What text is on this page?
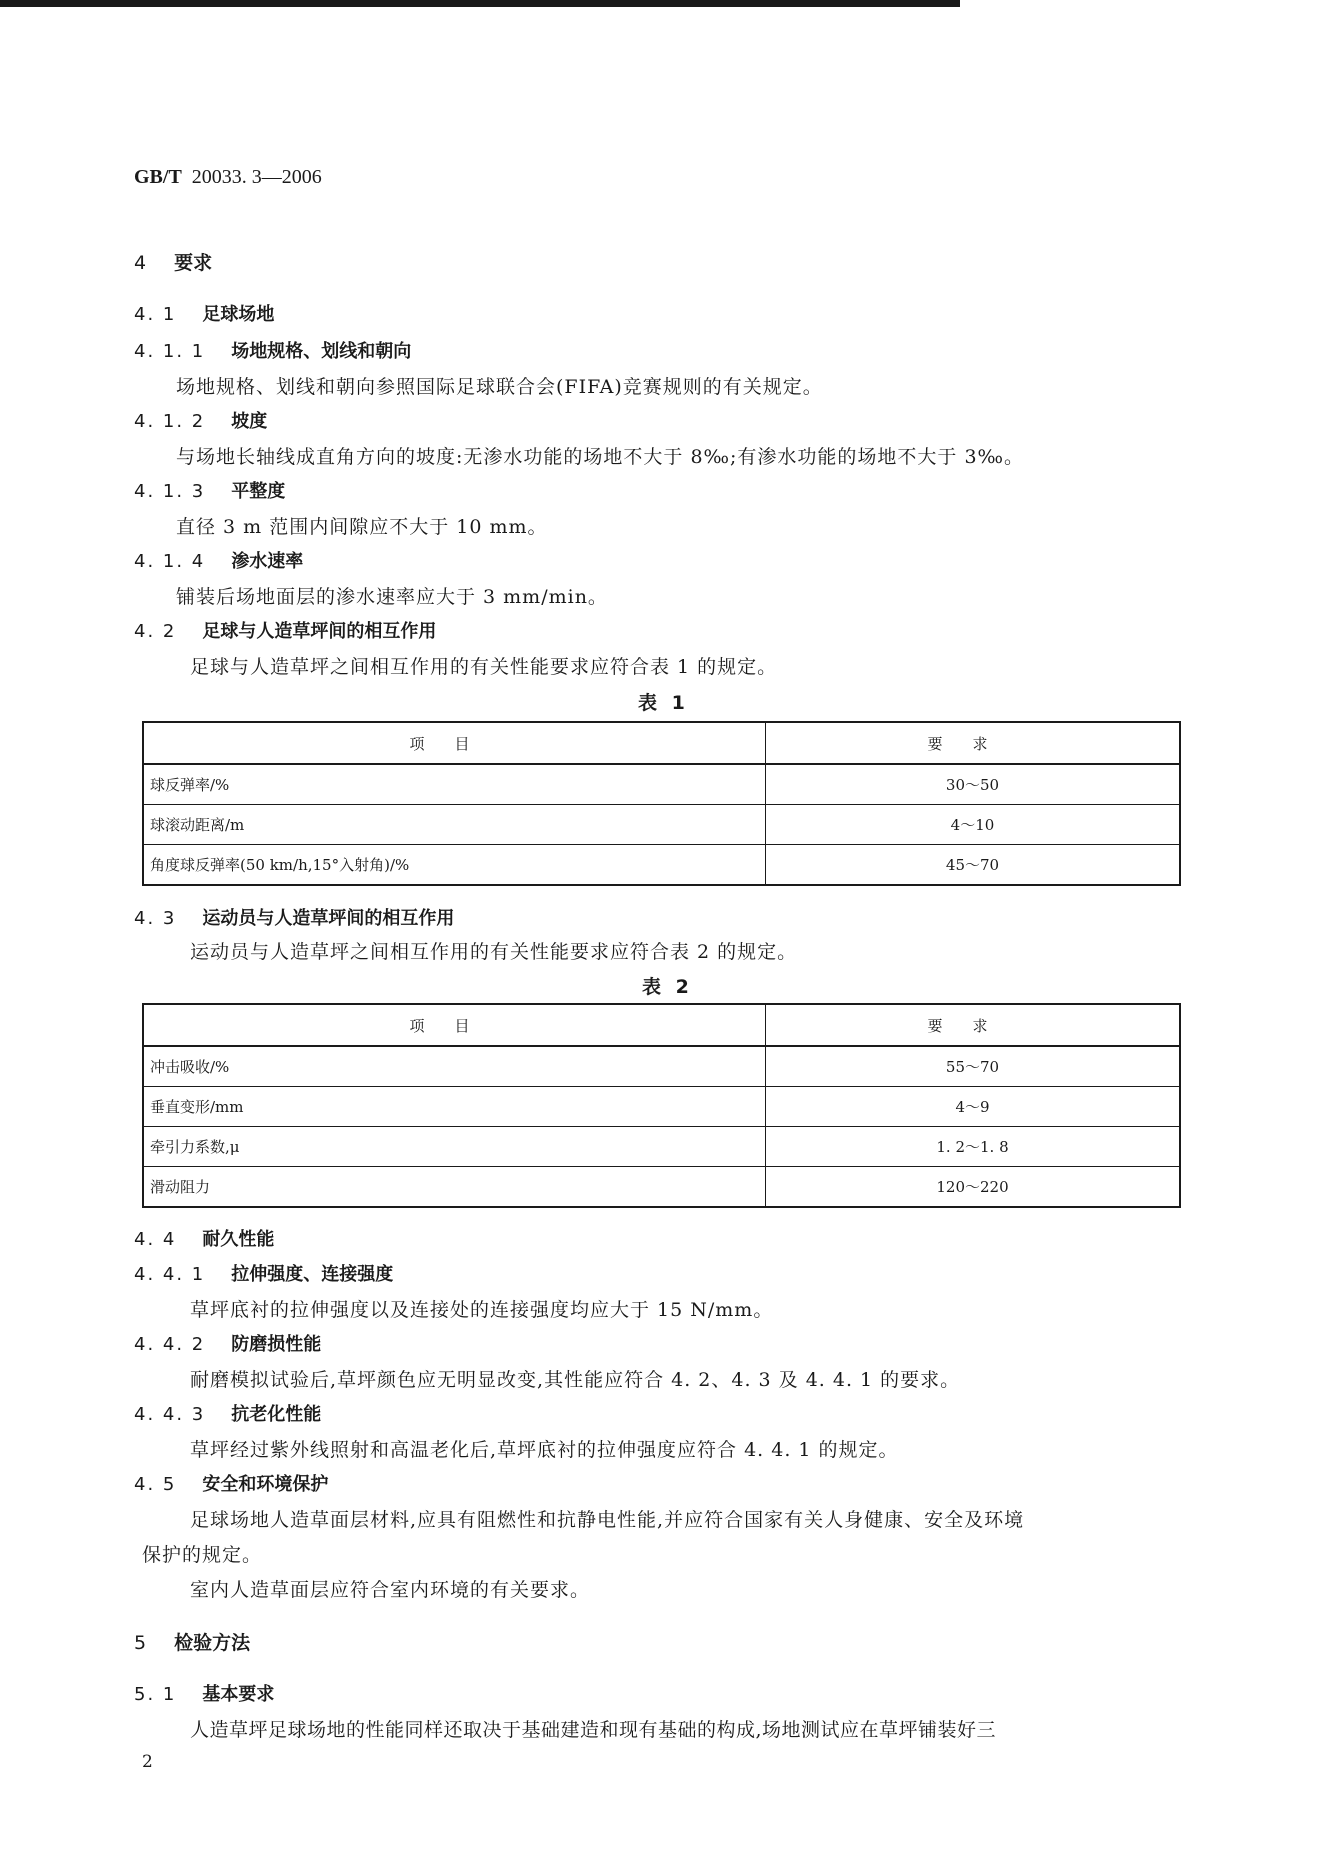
GB/T 20033. 3—2006
4 要求
4. 1 足球场地
4. 1. 1 场地规格、划线和朝向
场地规格、划线和朝向参照国际足球联合会(FIFA)竞赛规则的有关规定。
4. 1. 2 坡度
与场地长轴线成直角方向的坡度:无渗水功能的场地不大于 8‰;有渗水功能的场地不大于 3‰。
4. 1. 3 平整度
直径 3 m 范围内间隙应不大于 10 mm。
4. 1. 4 渗水速率
铺装后场地面层的渗水速率应大于 3 mm/min。
4. 2 足球与人造草坪间的相互作用
足球与人造草坪之间相互作用的有关性能要求应符合表 1 的规定。
表 1
项目	要求
球反弹率/%	30～50
球滚动距离/m	4～10
角度球反弹率(50 km/h,15°入射角)/%	45～70
4. 3 运动员与人造草坪间的相互作用
运动员与人造草坪之间相互作用的有关性能要求应符合表 2 的规定。
表 2
项目	要求
冲击吸收/%	55～70
垂直变形/mm	4～9
牵引力系数,μ	1. 2～1. 8
滑动阻力	120～220
4. 4 耐久性能
4. 4. 1 拉伸强度、连接强度
草坪底衬的拉伸强度以及连接处的连接强度均应大于 15 N/mm。
4. 4. 2 防磨损性能
耐磨模拟试验后,草坪颜色应无明显改变,其性能应符合 4. 2、4. 3 及 4. 4. 1 的要求。
4. 4. 3 抗老化性能
草坪经过紫外线照射和高温老化后,草坪底衬的拉伸强度应符合 4. 4. 1 的规定。
4. 5 安全和环境保护
足球场地人造草面层材料,应具有阻燃性和抗静电性能,并应符合国家有关人身健康、安全及环境
保护的规定。
室内人造草面层应符合室内环境的有关要求。
5 检验方法
5. 1 基本要求
人造草坪足球场地的性能同样还取决于基础建造和现有基础的构成,场地测试应在草坪铺装好三
2
